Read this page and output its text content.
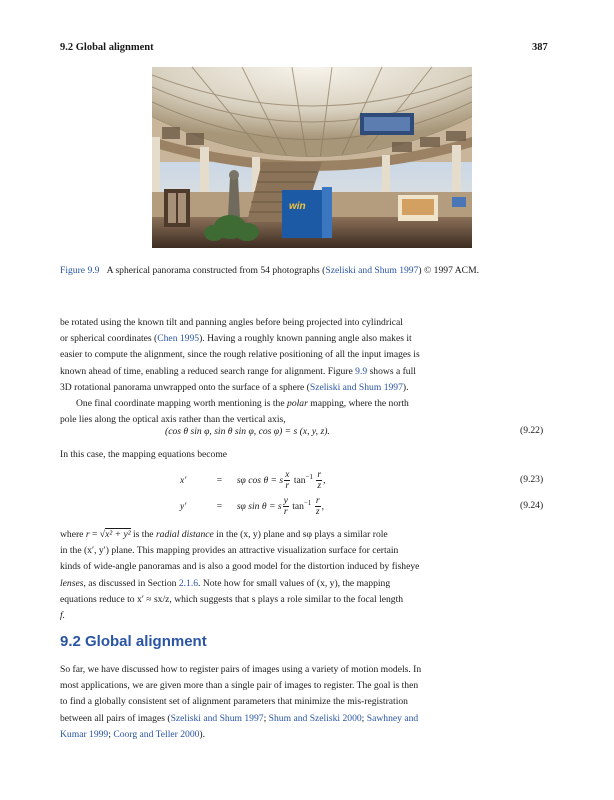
9.2 Global alignment	387
win
Figure 9.9 A spherical panorama constructed from 54 photographs (Szeliski and Shum 1997) © 1997 ACM.
be rotated using the known tilt and panning angles before being projected into cylindrical
or spherical coordinates (Chen 1995). Having a roughly known panning angle also makes it
easier to compute the alignment, since the rough relative positioning of all the input images is
known ahead of time, enabling a reduced search range for alignment. Figure 9.9 shows a full
3D rotational panorama unwrapped onto the surface of a sphere (Szeliski and Shum 1997).
One final coordinate mapping worth mentioning is the polar mapping, where the north
pole lies along the optical axis rather than the vertical axis,
(cos θ sin φ, sin θ sin φ, cos φ) = s (x, y, z).	(9.22)
In this case, the mapping equations become
x′	= sφ cos θ = s $\frac{x}{r} \tan^{-1} \frac{r}{z}$ ,	(9.23)
y′	= sφ sin θ = s $\frac{y}{r} \tan^{-1} \frac{r}{z}$ ,	(9.24)
where r = √x² + y² is the radial distance in the (x, y) plane and sφ plays a similar role
in the (x′, y′) plane. This mapping provides an attractive visualization surface for certain
kinds of wide-angle panoramas and is also a good model for the distortion induced by fisheye
lenses, as discussed in Section 2.1.6. Note how for small values of (x, y), the mapping
equations reduce to x′ ≈ sx/z, which suggests that s plays a role similar to the focal length
f.
9.2 Global alignment
So far, we have discussed how to register pairs of images using a variety of motion models. In
most applications, we are given more than a single pair of images to register. The goal is then
to find a globally consistent set of alignment parameters that minimize the mis-registration
between all pairs of images (Szeliski and Shum 1997; Shum and Szeliski 2000; Sawhney and
Kumar 1999; Coorg and Teller 2000).
